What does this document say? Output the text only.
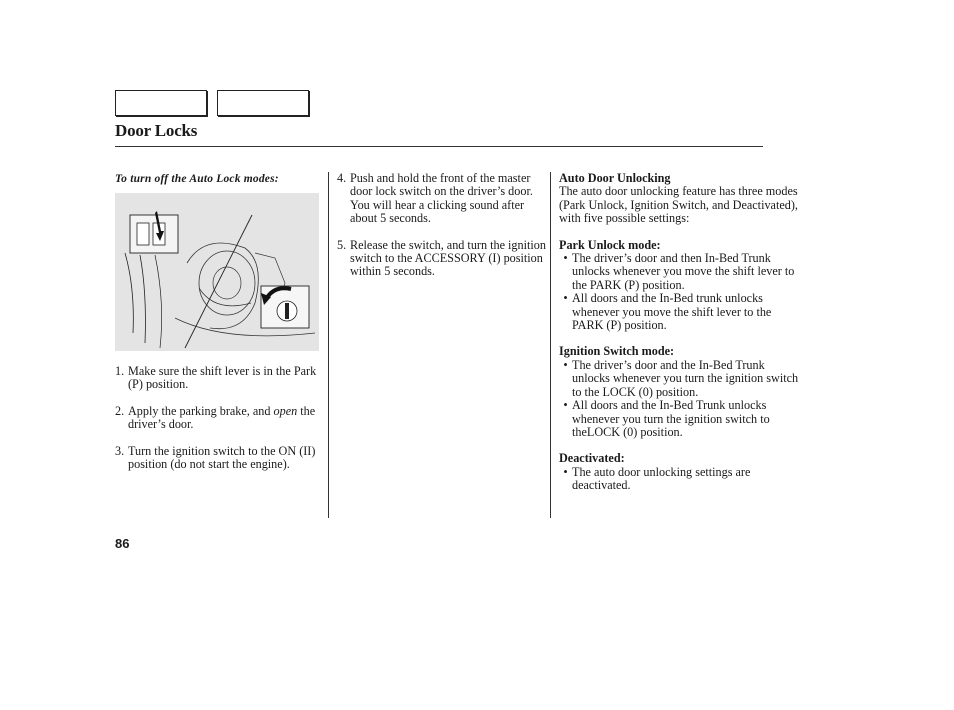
Door Locks

To turn off the Auto Lock modes:

1. Make sure the shift lever is in the Park (P) position.
2. Apply the parking brake, and open the driver’s door.
3. Turn the ignition switch to the ON (II) position (do not start the engine).
4. Push and hold the front of the master door lock switch on the driver’s door. You will hear a clicking sound after about 5 seconds.
5. Release the switch, and turn the ignition switch to the ACCESSORY (I) position within 5 seconds.

Auto Door Unlocking

The auto door unlocking feature has three modes (Park Unlock, Ignition Switch, and Deactivated), with five possible settings:

Park Unlock mode:

• The driver’s door and then In-Bed Trunk unlocks whenever you move the shift lever to the PARK (P) position.
• All doors and the In-Bed trunk unlocks whenever you move the shift lever to the PARK (P) position.

Ignition Switch mode:

• The driver’s door and the In-Bed Trunk unlocks whenever you turn the ignition switch to the LOCK (0) position.
• All doors and the In-Bed Trunk unlocks whenever you turn the ignition switch to theLOCK (0) position.

Deactivated:

• The auto door unlocking settings are deactivated.
86
